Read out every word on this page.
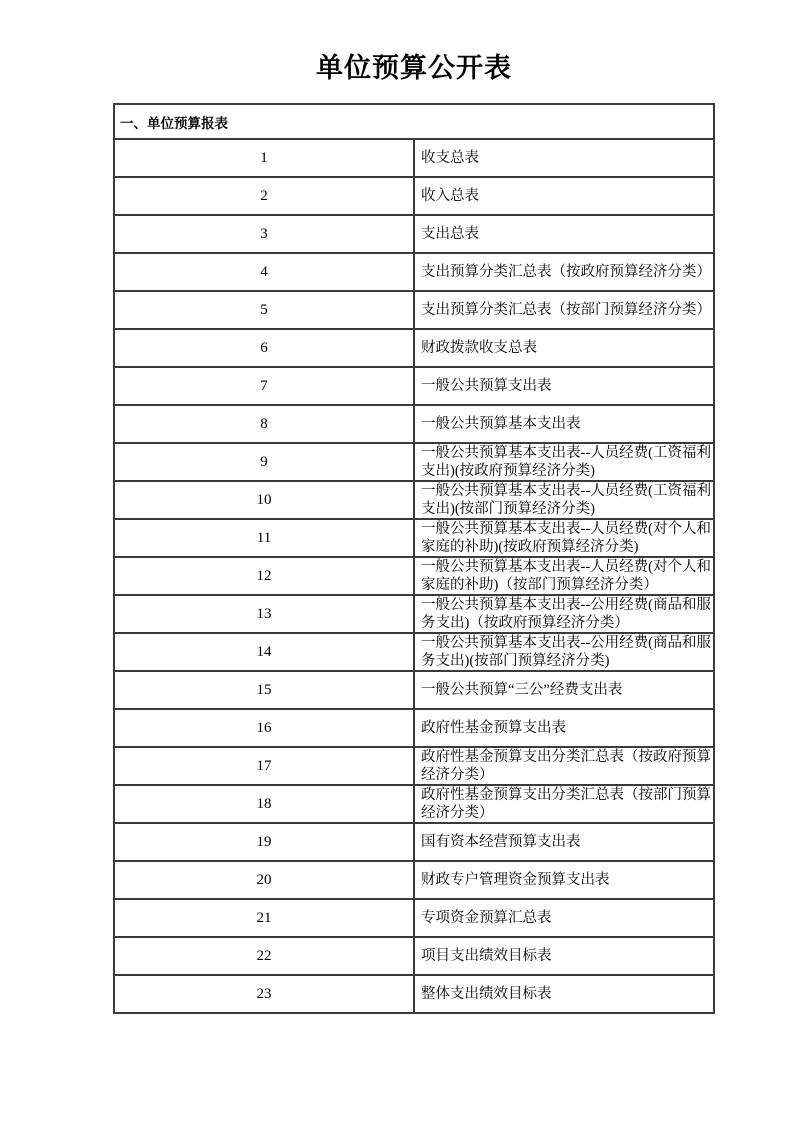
单位预算公开表
一、单位预算报表	
1	收支总表
2	收入总表
3	支出总表
4	支出预算分类汇总表（按政府预算经济分类）
5	支出预算分类汇总表（按部门预算经济分类）
6	财政拨款收支总表
7	一般公共预算支出表
8	一般公共预算基本支出表
9	一般公共预算基本支出表--人员经费(工资福利支出)(按政府预算经济分类)
10	一般公共预算基本支出表--人员经费(工资福利支出)(按部门预算经济分类)
11	一般公共预算基本支出表--人员经费(对个人和家庭的补助)(按政府预算经济分类)
12	一般公共预算基本支出表--人员经费(对个人和家庭的补助)（按部门预算经济分类）
13	一般公共预算基本支出表--公用经费(商品和服务支出)（按政府预算经济分类）
14	一般公共预算基本支出表--公用经费(商品和服务支出)(按部门预算经济分类)
15	一般公共预算“三公”经费支出表
16	政府性基金预算支出表
17	政府性基金预算支出分类汇总表（按政府预算经济分类）
18	政府性基金预算支出分类汇总表（按部门预算经济分类）
19	国有资本经营预算支出表
20	财政专户管理资金预算支出表
21	专项资金预算汇总表
22	项目支出绩效目标表
23	整体支出绩效目标表
